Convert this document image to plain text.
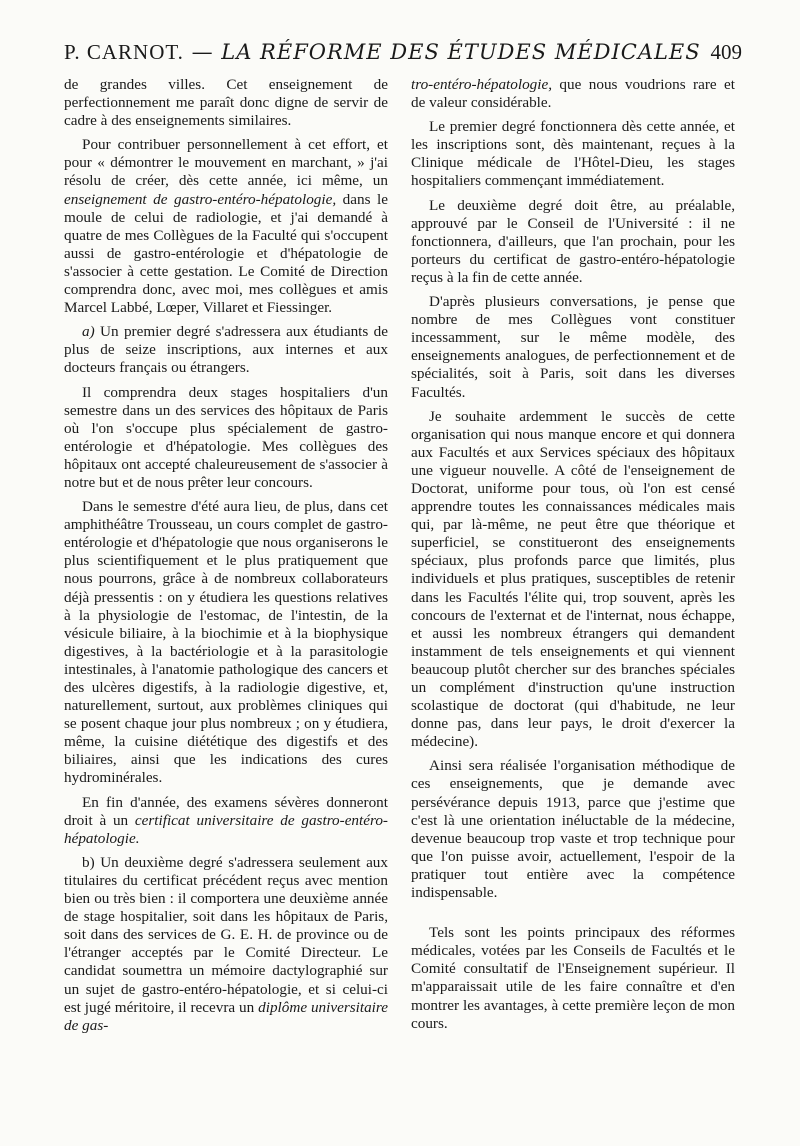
P. CARNOT. — LA RÉFORME DES ÉTUDES MÉDICALES 409

de grandes villes. Cet enseignement de perfectionnement me paraît donc digne de servir de cadre à des enseignements similaires.

Pour contribuer personnellement à cet effort, et pour « démontrer le mouvement en marchant, » j'ai résolu de créer, dès cette année, ici même, un enseignement de gastro-entéro-hépatologie, dans le moule de celui de radiologie, et j'ai demandé à quatre de mes Collègues de la Faculté qui s'occupent aussi de gastro-entérologie et d'hépatologie de s'associer à cette gestation. Le Comité de Direction comprendra donc, avec moi, mes collègues et amis Marcel Labbé, Lœper, Villaret et Fiessinger.

a) Un premier degré s'adressera aux étudiants de plus de seize inscriptions, aux internes et aux docteurs français ou étrangers.

Il comprendra deux stages hospitaliers d'un semestre dans un des services des hôpitaux de Paris où l'on s'occupe plus spécialement de gastro-entérologie et d'hépatologie. Mes collègues des hôpitaux ont accepté chaleureusement de s'associer à notre but et de nous prêter leur concours.

Dans le semestre d'été aura lieu, de plus, dans cet amphithéâtre Trousseau, un cours complet de gastro-entérologie et d'hépatologie que nous organiserons le plus scientifiquement et le plus pratiquement que nous pourrons, grâce à de nombreux collaborateurs déjà pressentis : on y étudiera les questions relatives à la physiologie de l'estomac, de l'intestin, de la vésicule biliaire, à la biochimie et à la biophysique digestives, à la bactériologie et à la parasitologie intestinales, à l'anatomie pathologique des cancers et des ulcères digestifs, à la radiologie digestive, et, naturellement, surtout, aux problèmes cliniques qui se posent chaque jour plus nombreux ; on y étudiera, même, la cuisine diététique des digestifs et des biliaires, ainsi que les indications des cures hydrominérales.

En fin d'année, des examens sévères donneront droit à un certificat universitaire de gastro-entéro-hépatologie.

b) Un deuxième degré s'adressera seulement aux titulaires du certificat précédent reçus avec mention bien ou très bien : il comportera une deuxième année de stage hospitalier, soit dans les hôpitaux de Paris, soit dans des services de G. E. H. de province ou de l'étranger acceptés par le Comité Directeur. Le candidat soumettra un mémoire dactylographié sur un sujet de gastro-entéro-hépatologie, et si celui-ci est jugé méritoire, il recevra un diplôme universitaire de gas-

tro-entéro-hépatologie, que nous voudrions rare et de valeur considérable.

Le premier degré fonctionnera dès cette année, et les inscriptions sont, dès maintenant, reçues à la Clinique médicale de l'Hôtel-Dieu, les stages hospitaliers commençant immédiatement.

Le deuxième degré doit être, au préalable, approuvé par le Conseil de l'Université : il ne fonctionnera, d'ailleurs, que l'an prochain, pour les porteurs du certificat de gastro-entéro-hépatologie reçus à la fin de cette année.

D'après plusieurs conversations, je pense que nombre de mes Collègues vont constituer incessamment, sur le même modèle, des enseignements analogues, de perfectionnement et de spécialités, soit à Paris, soit dans les diverses Facultés.

Je souhaite ardemment le succès de cette organisation qui nous manque encore et qui donnera aux Facultés et aux Services spéciaux des hôpitaux une vigueur nouvelle. A côté de l'enseignement de Doctorat, uniforme pour tous, où l'on est censé apprendre toutes les connaissances médicales mais qui, par là-même, ne peut être que théorique et superficiel, se constitueront des enseignements spéciaux, plus profonds parce que limités, plus individuels et plus pratiques, susceptibles de retenir dans les Facultés l'élite qui, trop souvent, après les concours de l'externat et de l'internat, nous échappe, et aussi les nombreux étrangers qui demandent instamment de tels enseignements et qui viennent beaucoup plutôt chercher sur des branches spéciales un complément d'instruction qu'une instruction scolastique de doctorat (qui d'habitude, ne leur donne pas, dans leur pays, le droit d'exercer la médecine).

Ainsi sera réalisée l'organisation méthodique de ces enseignements, que je demande avec persévérance depuis 1913, parce que j'estime que c'est là une orientation inéluctable de la médecine, devenue beaucoup trop vaste et trop technique pour que l'on puisse avoir, actuellement, l'espoir de la pratiquer tout entière avec la compétence indispensable.

Tels sont les points principaux des réformes médicales, votées par les Conseils de Facultés et le Comité consultatif de l'Enseignement supérieur. Il m'apparaissait utile de les faire connaître et d'en montrer les avantages, à cette première leçon de mon cours.
